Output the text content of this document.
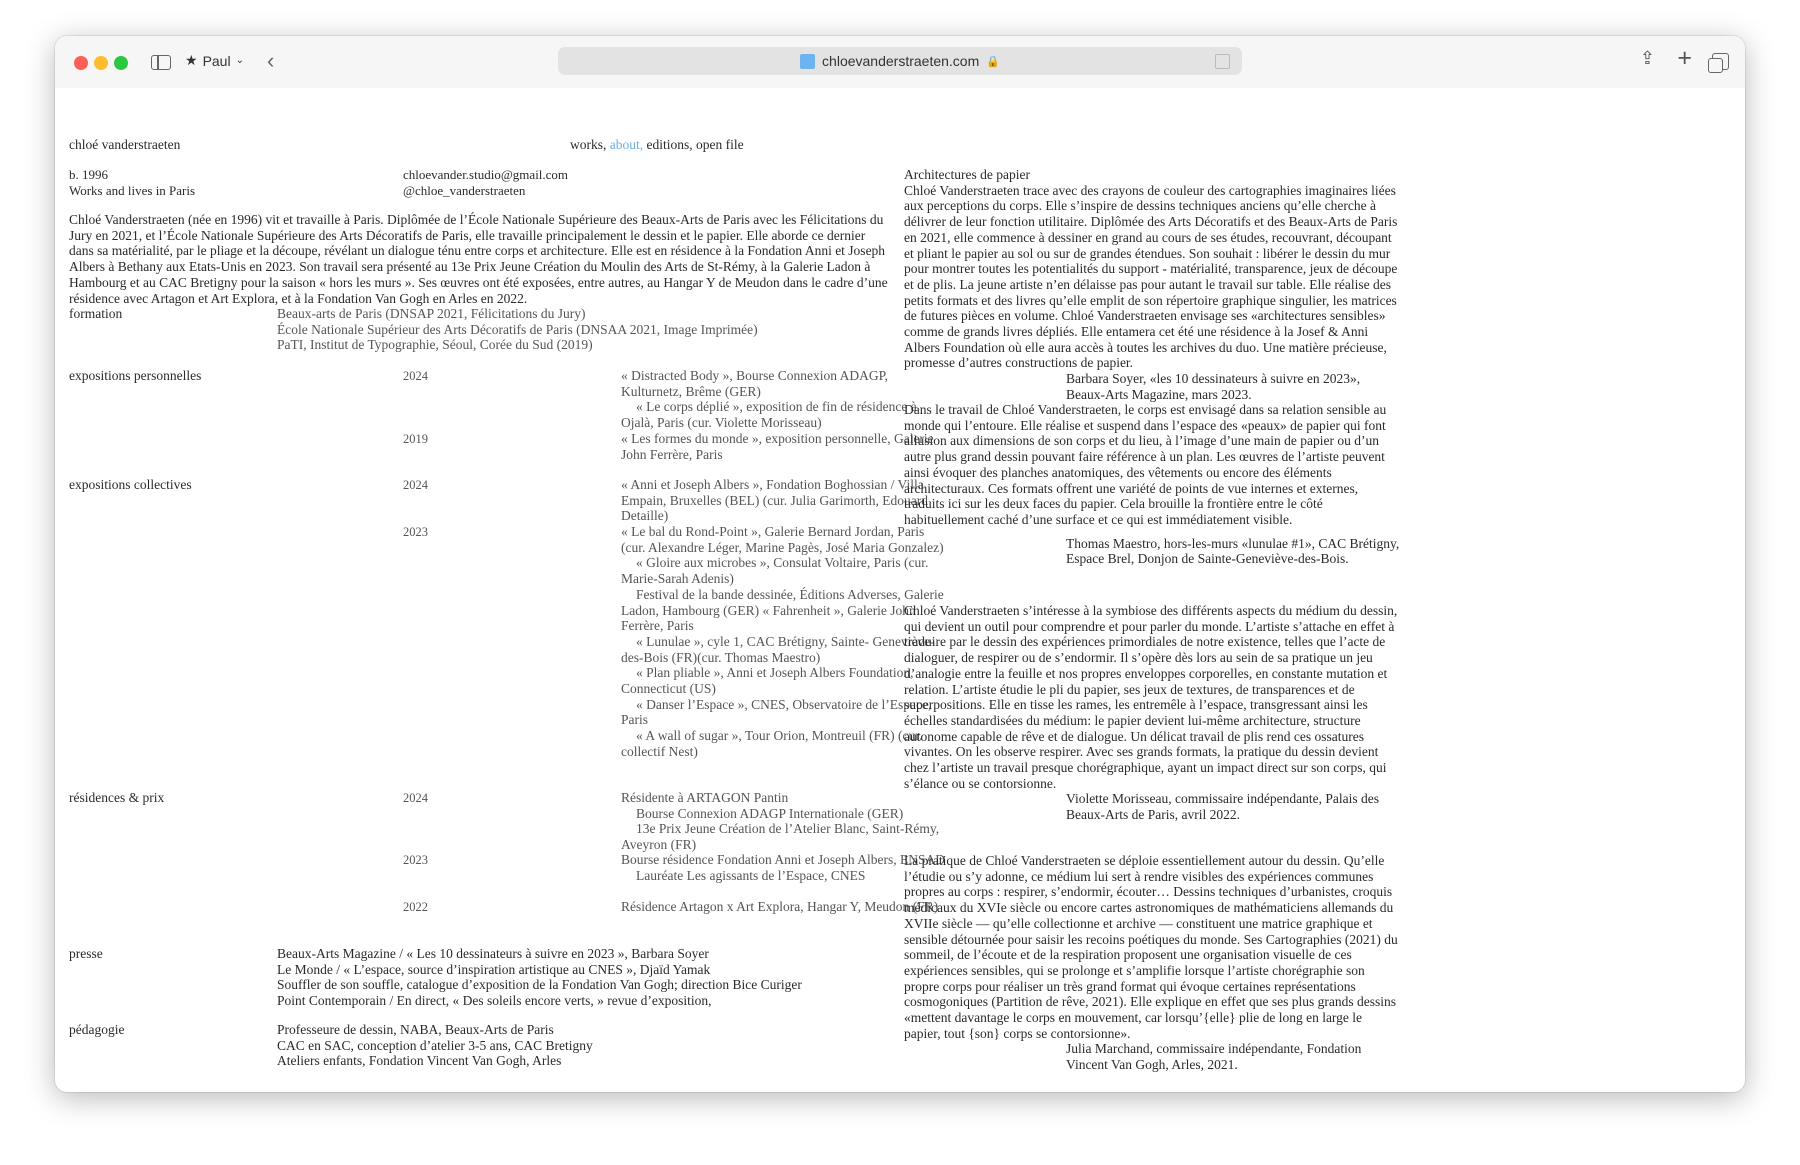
★ Paul ⌄ ‹	chloevanderstraeten.com 🔒	⇪ +
chloé vanderstraeten	works, about, editions, open file
b. 1996
Works and lives in Paris
chloevander.studio@gmail.com
@chloe_vanderstraeten

Chloé Vanderstraeten (née en 1996) vit et travaille à Paris. Diplômée de l’École Nationale Supérieure des Beaux-Arts de Paris avec les Félicitations du Jury en 2021, et l’École Nationale Supérieure des Arts Décoratifs de Paris, elle travaille principalement le dessin et le papier. Elle aborde ce dernier dans sa matérialité, par le pliage et la découpe, révélant un dialogue ténu entre corps et architecture. Elle est en résidence à la Fondation Anni et Joseph Albers à Bethany aux Etats-Unis en 2023. Son travail sera présenté au 13e Prix Jeune Création du Moulin des Arts de St-Rémy, à la Galerie Ladon à Hambourg et au CAC Bretigny pour la saison « hors les murs ». Ses œuvres ont été exposées, entre autres, au Hangar Y de Meudon dans le cadre d’une résidence avec Artagon et Art Explora, et à la Fondation Van Gogh en Arles en 2022.

formation	Beaux-arts de Paris (DNSAP 2021, Félicitations du Jury)
École Nationale Supérieur des Arts Décoratifs de Paris (DNSAA 2021, Image Imprimée)
PaTI, Institut de Typographie, Séoul, Corée du Sud (2019)
expositions personnelles	2024	« Distracted Body », Bourse Connexion ADAGP, Kulturnetz, Brême (GER)
« Le corps déplié », exposition de fin de résidence à Ojalà, Paris (cur. Violette Morisseau)
2019	« Les formes du monde », exposition personnelle, Galerie John Ferrère, Paris
expositions collectives	2024	« Anni et Joseph Albers », Fondation Boghossian / Villa Empain, Bruxelles (BEL) (cur. Julia Garimorth, Edouard Detaille)
2023	« Le bal du Rond-Point », Galerie Bernard Jordan, Paris (cur. Alexandre Léger, Marine Pagès, José Maria Gonzalez)
« Gloire aux microbes », Consulat Voltaire, Paris (cur. Marie-Sarah Adenis)
Festival de la bande dessinée, Éditions Adverses, Galerie Ladon, Hambourg (GER) « Fahrenheit », Galerie John Ferrère, Paris
« Lunulae », cyle 1, CAC Brétigny, Sainte- Geneviève-des-Bois (FR)(cur. Thomas Maestro)
« Plan pliable », Anni et Joseph Albers Foundation, Connecticut (US)
« Danser l’Espace », CNES, Observatoire de l’Espace, Paris
« A wall of sugar », Tour Orion, Montreuil (FR) (cur. collectif Nest)
résidences & prix	2024	Résidente à ARTAGON Pantin
Bourse Connexion ADAGP Internationale (GER)
13e Prix Jeune Création de l’Atelier Blanc, Saint-Rémy, Aveyron (FR)
2023	Bourse résidence Fondation Anni et Joseph Albers, ENSAD
Lauréate Les agissants de l’Espace, CNES
2022	Résidence Artagon x Art Explora, Hangar Y, Meudon (FR)
presse	Beaux-Arts Magazine / « Les 10 dessinateurs à suivre en 2023 », Barbara Soyer
Le Monde / « L’espace, source d’inspiration artistique au CNES », Djaïd Yamak
Souffler de son souffle, catalogue d’exposition de la Fondation Van Gogh; direction Bice Curiger
Point Contemporain / En direct, « Des soleils encore verts, » revue d’exposition,
pédagogie	Professeure de dessin, NABA, Beaux-Arts de Paris
CAC en SAC, conception d’atelier 3-5 ans, CAC Bretigny
Ateliers enfants, Fondation Vincent Van Gogh, Arles
Architectures de papier

Chloé Vanderstraeten trace avec des crayons de couleur des cartographies imaginaires liées aux perceptions du corps. Elle s’inspire de dessins techniques anciens qu’elle cherche à délivrer de leur fonction utilitaire. Diplômée des Arts Décoratifs et des Beaux-Arts de Paris en 2021, elle commence à dessiner en grand au cours de ses études, recouvrant, découpant et pliant le papier au sol ou sur de grandes étendues. Son souhait : libérer le dessin du mur pour montrer toutes les potentialités du support - matérialité, transparence, jeux de découpe et de plis. La jeune artiste n’en délaisse pas pour autant le travail sur table. Elle réalise des petits formats et des livres qu’elle emplit de son répertoire graphique singulier, les matrices de futures pièces en volume. Chloé Vanderstraeten envisage ses «architectures sensibles» comme de grands livres dépliés. Elle entamera cet été une résidence à la Josef & Anni Albers Foundation où elle aura accès à toutes les archives du duo. Une matière précieuse, promesse d’autres constructions de papier.

Barbara Soyer, «les 10 dessinateurs à suivre en 2023», Beaux-Arts Magazine, mars 2023.

Dans le travail de Chloé Vanderstraeten, le corps est envisagé dans sa relation sensible au monde qui l’entoure. Elle réalise et suspend dans l’espace des «peaux» de papier qui font allusion aux dimensions de son corps et du lieu, à l’image d’une main de papier ou d’un autre plus grand dessin pouvant faire référence à un plan. Les œuvres de l’artiste peuvent ainsi évoquer des planches anatomiques, des vêtements ou encore des éléments architecturaux. Ces formats offrent une variété de points de vue internes et externes, traduits ici sur les deux faces du papier. Cela brouille la frontière entre le côté habituellement caché d’une surface et ce qui est immédiatement visible.

Thomas Maestro, hors-les-murs «lunulae #1», CAC Brétigny, Espace Brel, Donjon de Sainte-Geneviève-des-Bois.

Chloé Vanderstraeten s’intéresse à la symbiose des différents aspects du médium du dessin, qui devient un outil pour comprendre et pour parler du monde. L’artiste s’attache en effet à traduire par le dessin des expériences primordiales de notre existence, telles que l’acte de dialoguer, de respirer ou de s’endormir. Il s’opère dès lors au sein de sa pratique un jeu d’analogie entre la feuille et nos propres enveloppes corporelles, en constante mutation et relation. L’artiste étudie le pli du papier, ses jeux de textures, de transparences et de superpositions. Elle en tisse les rames, les entremêle à l’espace, transgressant ainsi les échelles standardisées du médium: le papier devient lui-même architecture, structure autonome capable de rêve et de dialogue. Un délicat travail de plis rend ces ossatures vivantes. On les observe respirer. Avec ses grands formats, la pratique du dessin devient chez l’artiste un travail presque chorégraphique, ayant un impact direct sur son corps, qui s’élance ou se contorsionne.

Violette Morisseau, commissaire indépendante, Palais des Beaux-Arts de Paris, avril 2022.

La pratique de Chloé Vanderstraeten se déploie essentiellement autour du dessin. Qu’elle l’étudie ou s’y adonne, ce médium lui sert à rendre visibles des expériences communes propres au corps : respirer, s’endormir, écouter… Dessins techniques d’urbanistes, croquis médicaux du XVIe siècle ou encore cartes astronomiques de mathématiciens allemands du XVIIe siècle — qu’elle collectionne et archive — constituent une matrice graphique et sensible détournée pour saisir les recoins poétiques du monde. Ses Cartographies (2021) du sommeil, de l’écoute et de la respiration proposent une organisation visuelle de ces expériences sensibles, qui se prolonge et s’amplifie lorsque l’artiste chorégraphie son propre corps pour réaliser un très grand format qui évoque certaines représentations cosmogoniques (Partition de rêve, 2021). Elle explique en effet que ses plus grands dessins «mettent davantage le corps en mouvement, car lorsqu’{elle} plie de long en large le papier, tout {son} corps se contorsionne».

Julia Marchand, commissaire indépendante, Fondation Vincent Van Gogh, Arles, 2021.
